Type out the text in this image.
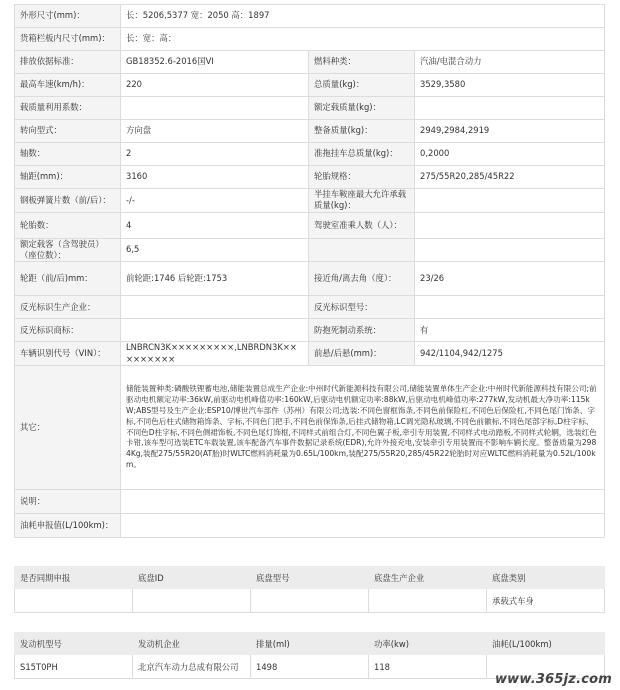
外形尺寸(mm)：	长：5206,5377 宽：2050 高：1897		
货箱栏板内尺寸(mm)：	长：宽：高：		
排放依据标准：	GB18352.6-2016国VI	燃料种类：	汽油/电混合动力
最高车速(km/h)：	220	总质量(kg)：	3529,3580
载质量利用系数：		额定载质量(kg)：	
转向型式：	方向盘	整备质量(kg)：	2949,2984,2919
轴数：	2	准拖挂车总质量(kg)：	0,2000
轴距(mm)：	3160	轮胎规格：	275/55R20,285/45R22
钢板弹簧片数（前/后）：	-/-	半挂车鞍座最大允许承载质量(kg)：	
轮胎数：	4	驾驶室准乘人数（人）：	
额定载客（含驾驶员）（座位数）：	6,5		
轮距（前/后)mm：	前轮距:1746 后轮距:1753	接近角/离去角（度）：	23/26
反光标识生产企业：		反光标识型号：	
反光标识商标：		防抱死制动系统：	有
车辆识别代号（VIN）：	LNBRCN3K×××××××××,LNBRDN3K×××××××××	前悬/后悬(mm)：	942/1104,942/1275
其它：	储能装置种类:磷酸铁锂蓄电池,储能装置总成生产企业:中州时代新能源科技有限公司,储能装置单体生产企业:中州时代新能源科技有限公司;前驱动电机额定功率:36kW,前驱动电机峰值功率:160kW,后驱动电机额定功率:88kW,后驱动电机峰值功率:277kW,发动机最大净功率:115kW;ABS型号及生产企业:ESP10/博世汽车部件（苏州）有限公司;选装:不同色窗框饰条,不同色前保险杠,不同色后保险杠,不同色尾门饰条、字标,不同色后柱式储物箱饰条、字标,不同色门把手,不同色前保饰条,后挂式储物箱,LC调光隐私玻璃,不同色前徽标,不同色尾部字标,D柱字标、不同色D柱字标,不同色侧裙饰板,不同色尾灯饰框,不同样式前组合灯,不同色翼子板,牵引专用装置,不同样式电动踏板,不同样式轮辋，选装红色卡钳,该车型可选装ETC车载装置,该车配备汽车事件数据记录系统(EDR),允许外接充电,安装牵引专用装置而不影响车辆长度。整备质量为2984Kg,装配275/55R20(AT胎)时WLTC燃料消耗量为0.65L/100km,装配275/55R20,285/45R22轮胎时对应WLTC燃料消耗量为0.52L/100km。		
说明：			
油耗申报值(L/100km)：			
是否同期申报	底盘ID	底盘型号	底盘生产企业	底盘类别
				承载式车身
发动机型号	发动机企业	排量(ml)	功率(kw)	油耗(L/100km)
S15T0PH	北京汽车动力总成有限公司	1498	118	
www.365jz.com
